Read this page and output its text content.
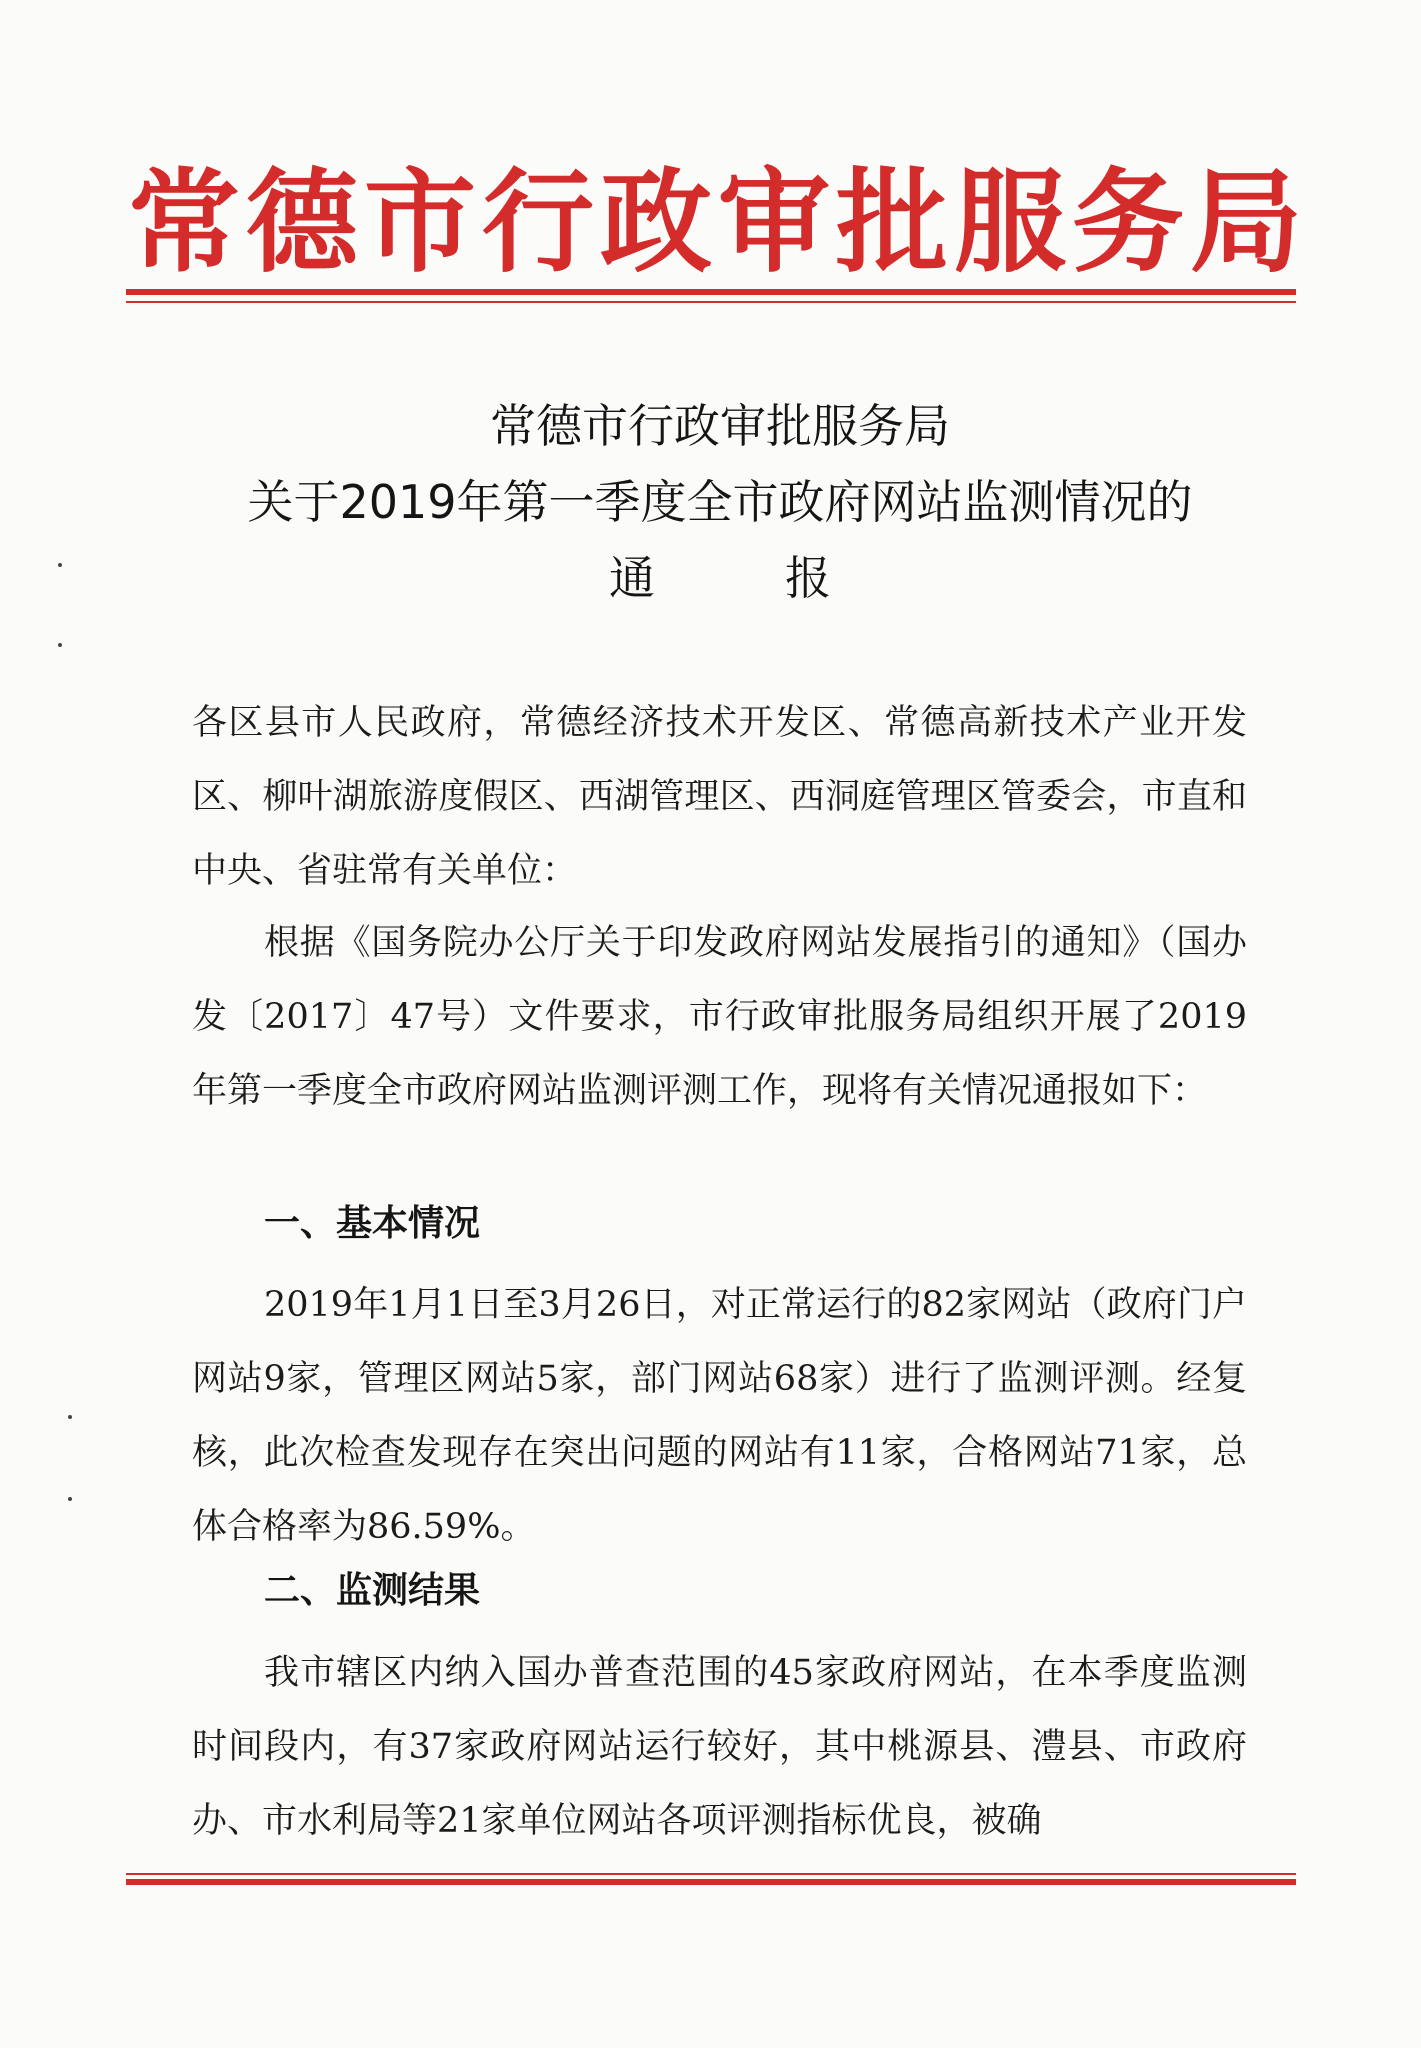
常德市行政审批服务局
常德市行政审批服务局
关于2019年第一季度全市政府网站监测情况的
通报
各区县市人民政府，常德经济技术开发区、常德高新技术产业开发区、柳叶湖旅游度假区、西湖管理区、西洞庭管理区管委会，市直和中央、省驻常有关单位：
根据《国务院办公厅关于印发政府网站发展指引的通知》（国办发〔2017〕47号）文件要求，市行政审批服务局组织开展了2019年第一季度全市政府网站监测评测工作，现将有关情况通报如下：
一、基本情况
2019年1月1日至3月26日，对正常运行的82家网站（政府门户网站9家，管理区网站5家，部门网站68家）进行了监测评测。经复核，此次检查发现存在突出问题的网站有11家，合格网站71家，总体合格率为86.59%。
二、监测结果
我市辖区内纳入国办普查范围的45家政府网站，在本季度监测时间段内，有37家政府网站运行较好，其中桃源县、澧县、市政府办、市水利局等21家单位网站各项评测指标优良，被确
